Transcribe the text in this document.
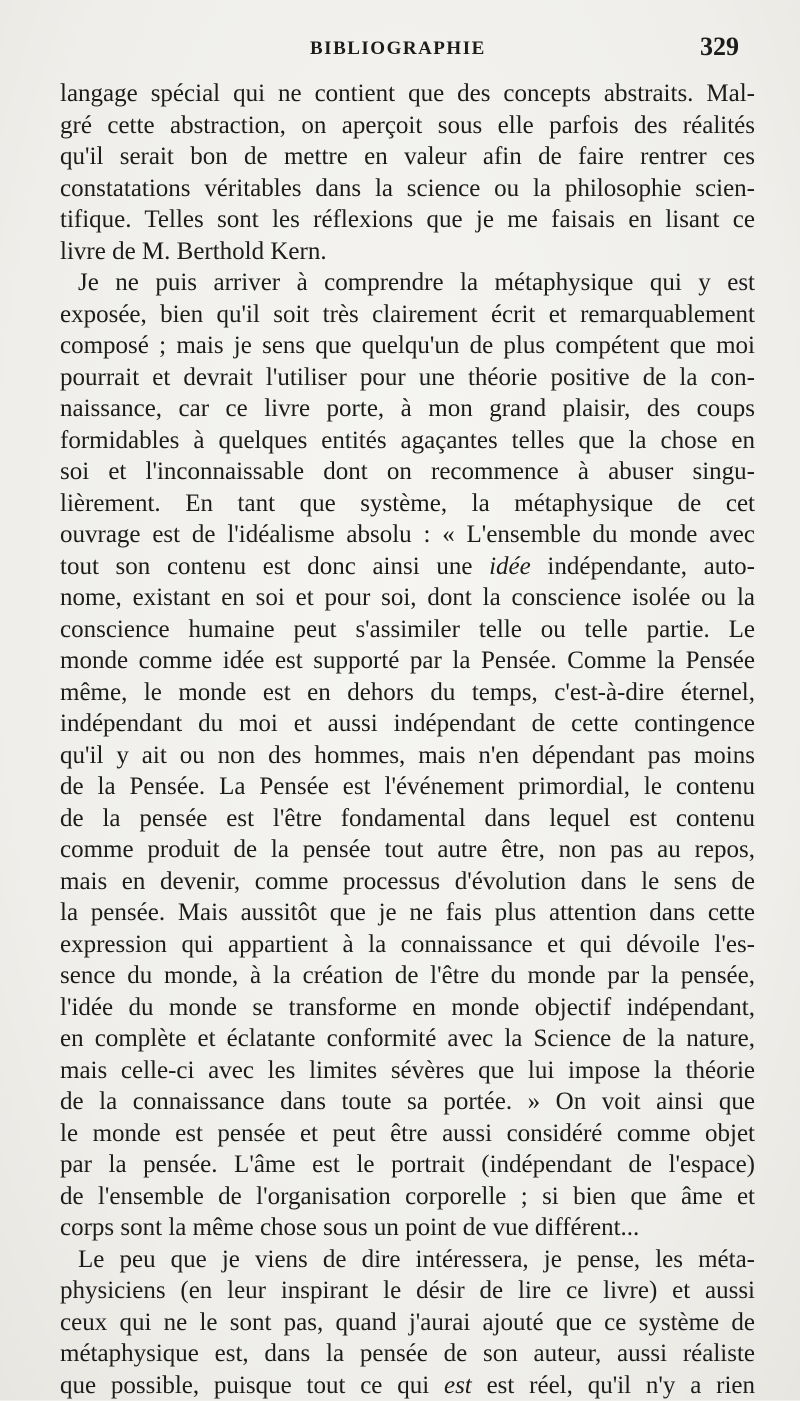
BIBLIOGRAPHIE	329
langage spécial qui ne contient que des concepts abstraits. Mal-
gré cette abstraction, on aperçoit sous elle parfois des réalités
qu'il serait bon de mettre en valeur afin de faire rentrer ces
constatations véritables dans la science ou la philosophie scien-
tifique. Telles sont les réflexions que je me faisais en lisant ce
livre de M. Berthold Kern.
Je ne puis arriver à comprendre la métaphysique qui y est
exposée, bien qu'il soit très clairement écrit et remarquablement
composé ; mais je sens que quelqu'un de plus compétent que moi
pourrait et devrait l'utiliser pour une théorie positive de la con-
naissance, car ce livre porte, à mon grand plaisir, des coups
formidables à quelques entités agaçantes telles que la chose en
soi et l'inconnaissable dont on recommence à abuser singu-
lièrement. En tant que système, la métaphysique de cet
ouvrage est de l'idéalisme absolu : « L'ensemble du monde avec
tout son contenu est donc ainsi une idée indépendante, auto-
nome, existant en soi et pour soi, dont la conscience isolée ou la
conscience humaine peut s'assimiler telle ou telle partie. Le
monde comme idée est supporté par la Pensée. Comme la Pensée
même, le monde est en dehors du temps, c'est-à-dire éternel,
indépendant du moi et aussi indépendant de cette contingence
qu'il y ait ou non des hommes, mais n'en dépendant pas moins
de la Pensée. La Pensée est l'événement primordial, le contenu
de la pensée est l'être fondamental dans lequel est contenu
comme produit de la pensée tout autre être, non pas au repos,
mais en devenir, comme processus d'évolution dans le sens de
la pensée. Mais aussitôt que je ne fais plus attention dans cette
expression qui appartient à la connaissance et qui dévoile l'es-
sence du monde, à la création de l'être du monde par la pensée,
l'idée du monde se transforme en monde objectif indépendant,
en complète et éclatante conformité avec la Science de la nature,
mais celle-ci avec les limites sévères que lui impose la théorie
de la connaissance dans toute sa portée. » On voit ainsi que
le monde est pensée et peut être aussi considéré comme objet
par la pensée. L'âme est le portrait (indépendant de l'espace)
de l'ensemble de l'organisation corporelle ; si bien que âme et
corps sont la même chose sous un point de vue différent...
Le peu que je viens de dire intéressera, je pense, les méta-
physiciens (en leur inspirant le désir de lire ce livre) et aussi
ceux qui ne le sont pas, quand j'aurai ajouté que ce système de
métaphysique est, dans la pensée de son auteur, aussi réaliste
que possible, puisque tout ce qui est est réel, qu'il n'y a rien
